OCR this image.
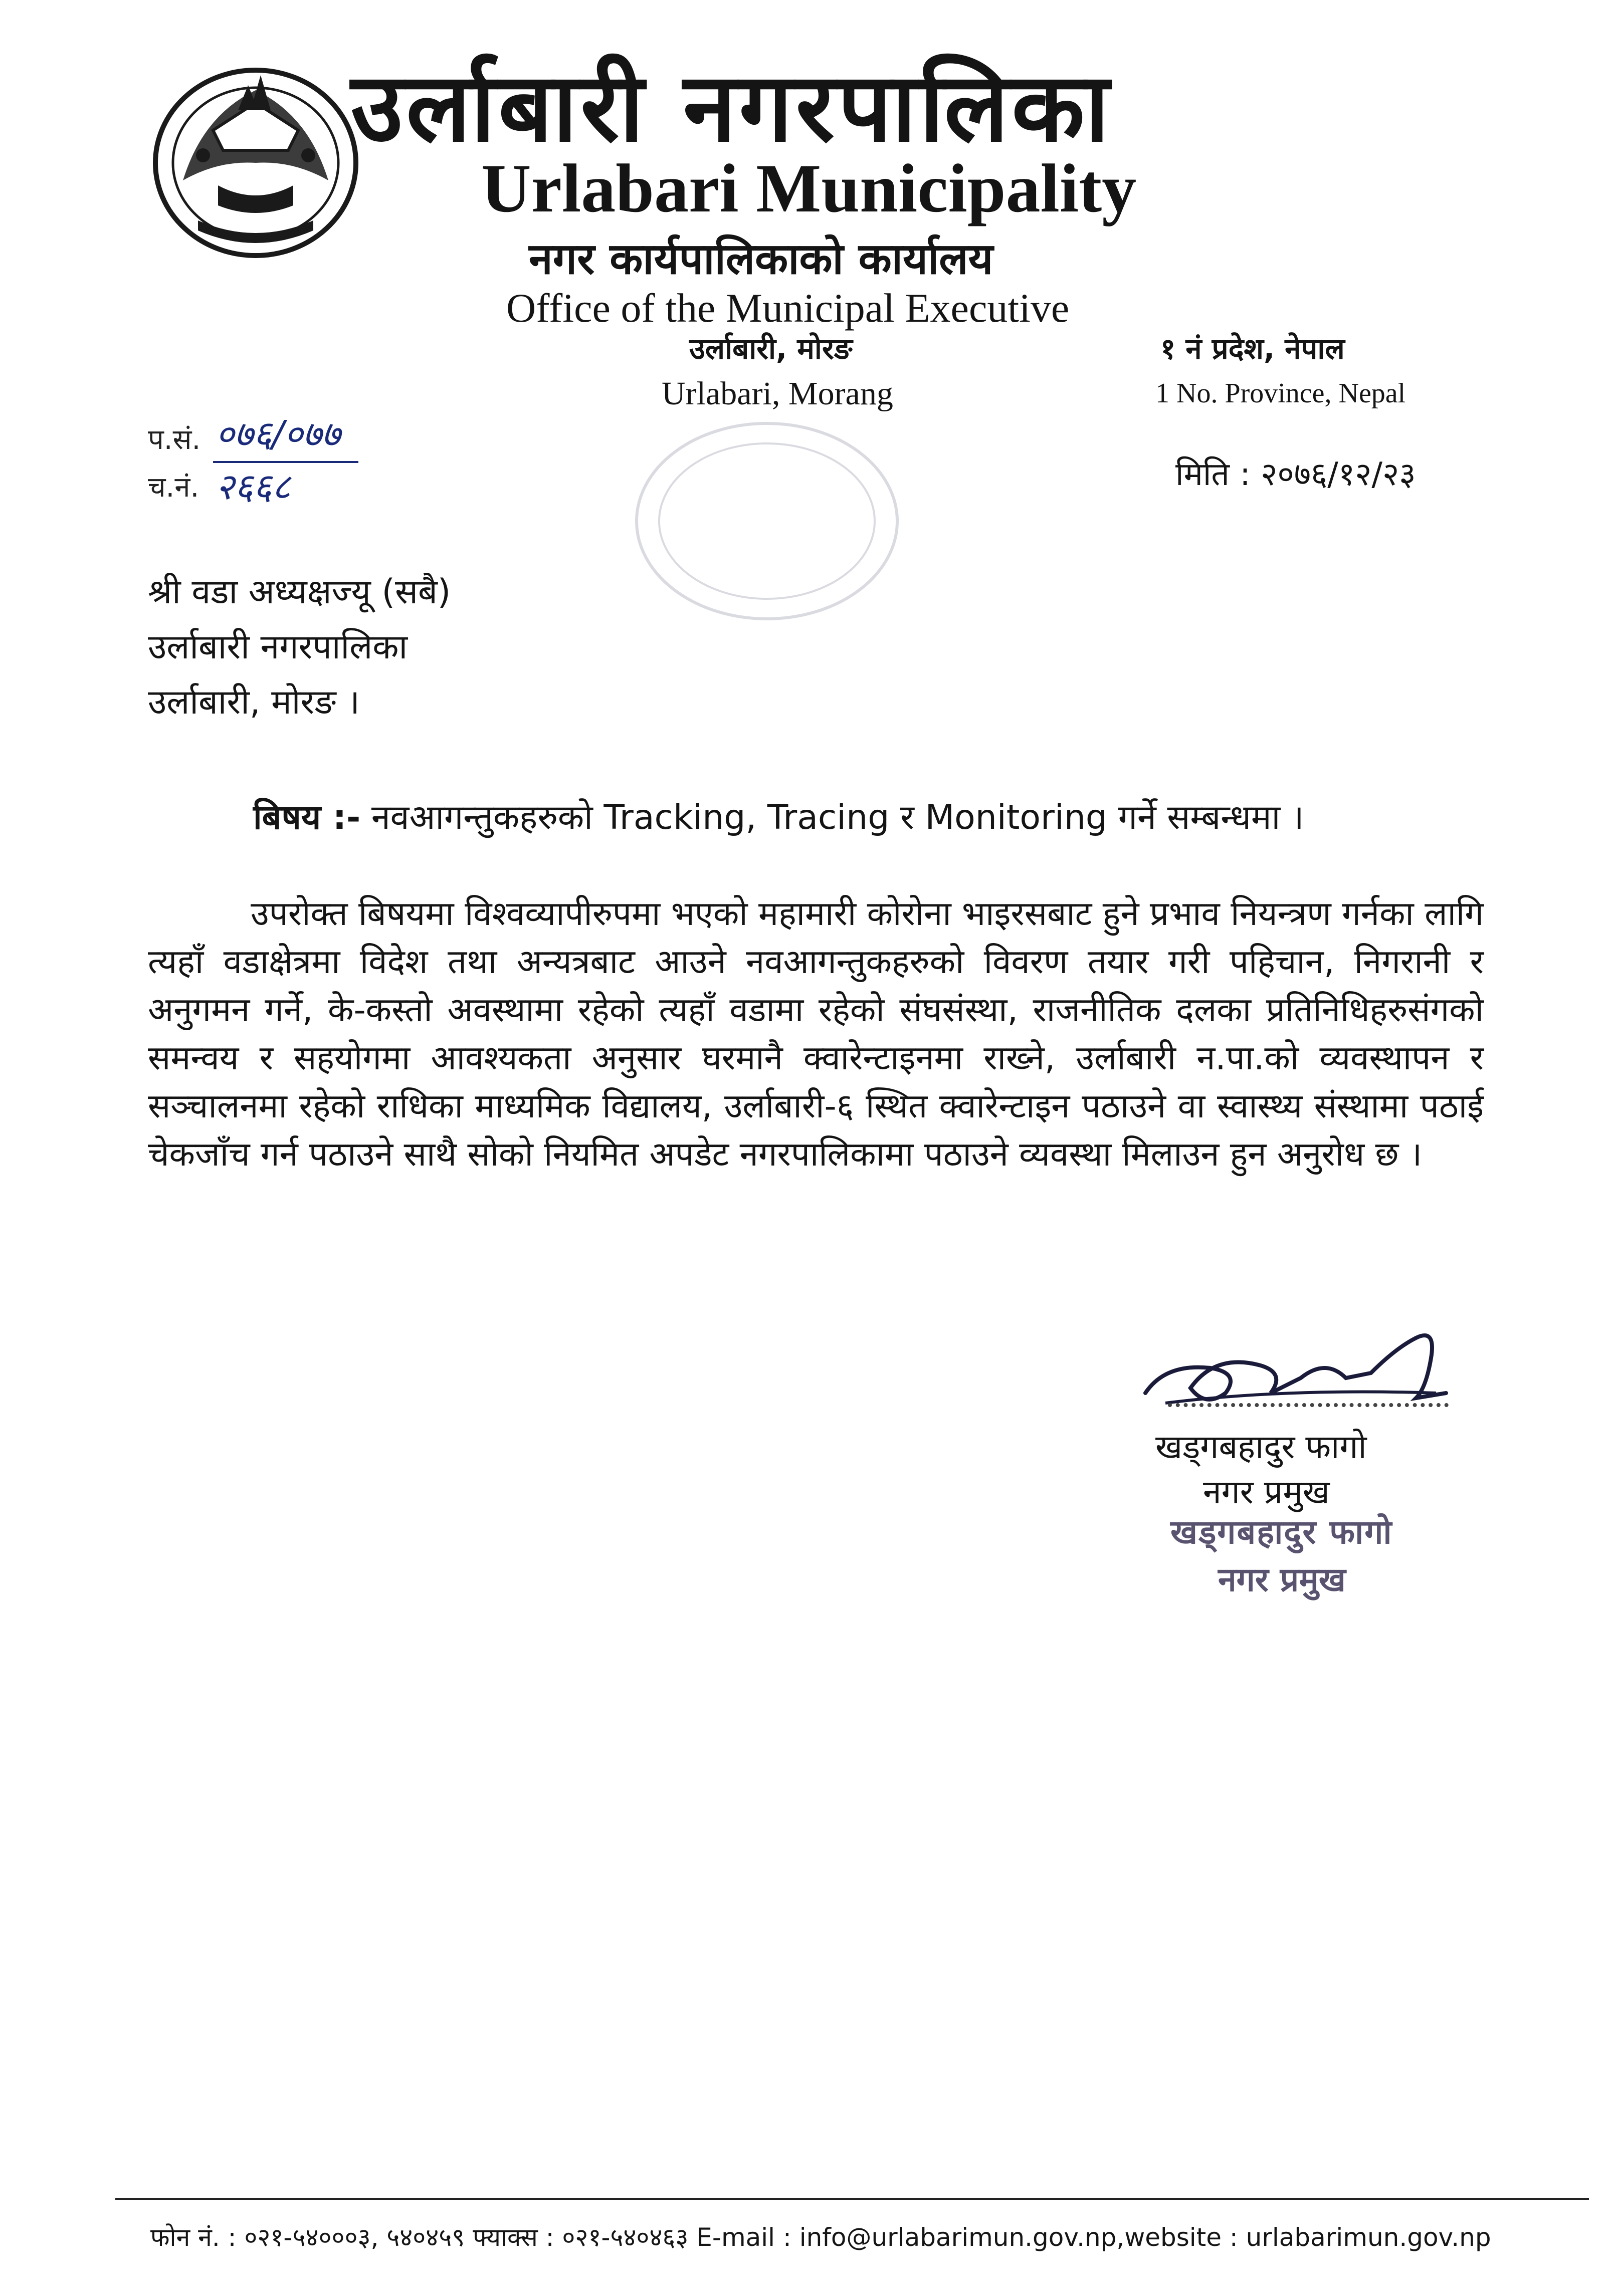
उर्लाबारी नगरपालिका
Urlabari Municipality
नगर कार्यपालिकाको कार्यालय
Office of the Municipal Executive
उर्लाबारी, मोरङ
Urlabari, Morang
१ नं प्रदेश, नेपाल
1 No. Province, Nepal
प.सं. ०७६/०७७
च.नं. २६६८	मिति : २०७६/१२/२३
श्री वडा अध्यक्षज्यू (सबै)
उर्लाबारी नगरपालिका
उर्लाबारी, मोरङ ।
बिषय :- नवआगन्तुकहरुको Tracking, Tracing र Monitoring गर्ने सम्बन्धमा ।
उपरोक्त बिषयमा विश्वव्यापीरुपमा भएको महामारी कोरोना भाइरसबाट हुने प्रभाव नियन्त्रण गर्नका लागि त्यहाँ वडाक्षेत्रमा विदेश तथा अन्यत्रबाट आउने नवआगन्तुकहरुको विवरण तयार गरी पहिचान, निगरानी र अनुगमन गर्ने, के-कस्तो अवस्थामा रहेको त्यहाँ वडामा रहेको संघसंस्था, राजनीतिक दलका प्रतिनिधिहरुसंगको समन्वय र सहयोगमा आवश्यकता अनुसार घरमानै क्वारेन्टाइनमा राख्ने, उर्लाबारी न.पा.को व्यवस्थापन र सञ्चालनमा रहेको राधिका माध्यमिक विद्यालय, उर्लाबारी-६ स्थित क्वारेन्टाइन पठाउने वा स्वास्थ्य संस्थामा पठाई चेकजाँच गर्न पठाउने साथै सोको नियमित अपडेट नगरपालिकामा पठाउने व्यवस्था मिलाउन हुन अनुरोध छ ।
खड्गबहादुर फागो
नगर प्रमुख
खड्गबहादुर फागो
नगर प्रमुख
फोन नं. : ०२१-५४०००३, ५४०४५९ फ्याक्स : ०२१-५४०४६३ E-mail : info@urlabarimun.gov.np,website : urlabarimun.gov.np
